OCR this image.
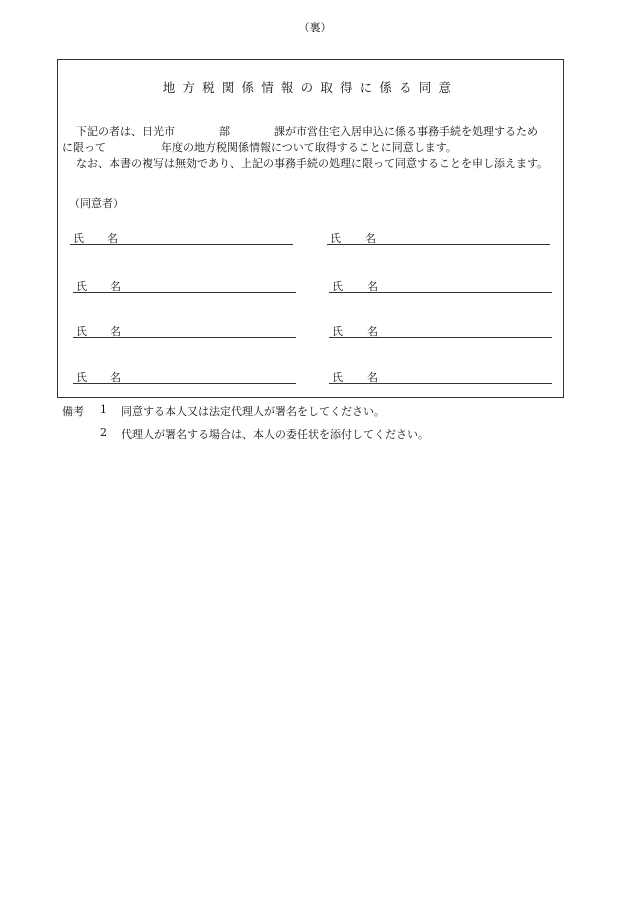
（裏）
地方税関係情報の取得に係る同意
下記の者は、日光市　　　　部　　　　課が市営住宅入居申込に係る事務手続を処理するため
に限って　　　　　年度の地方税関係情報について取得することに同意します。
なお、本書の複写は無効であり、上記の事務手続の処理に限って同意することを申し添えます。
（同意者）
氏 名
氏 名
氏 名
氏 名
氏 名
氏 名
氏 名
氏 名
備考 1 同意する本人又は法定代理人が署名をしてください。
2 代理人が署名する場合は、本人の委任状を添付してください。
